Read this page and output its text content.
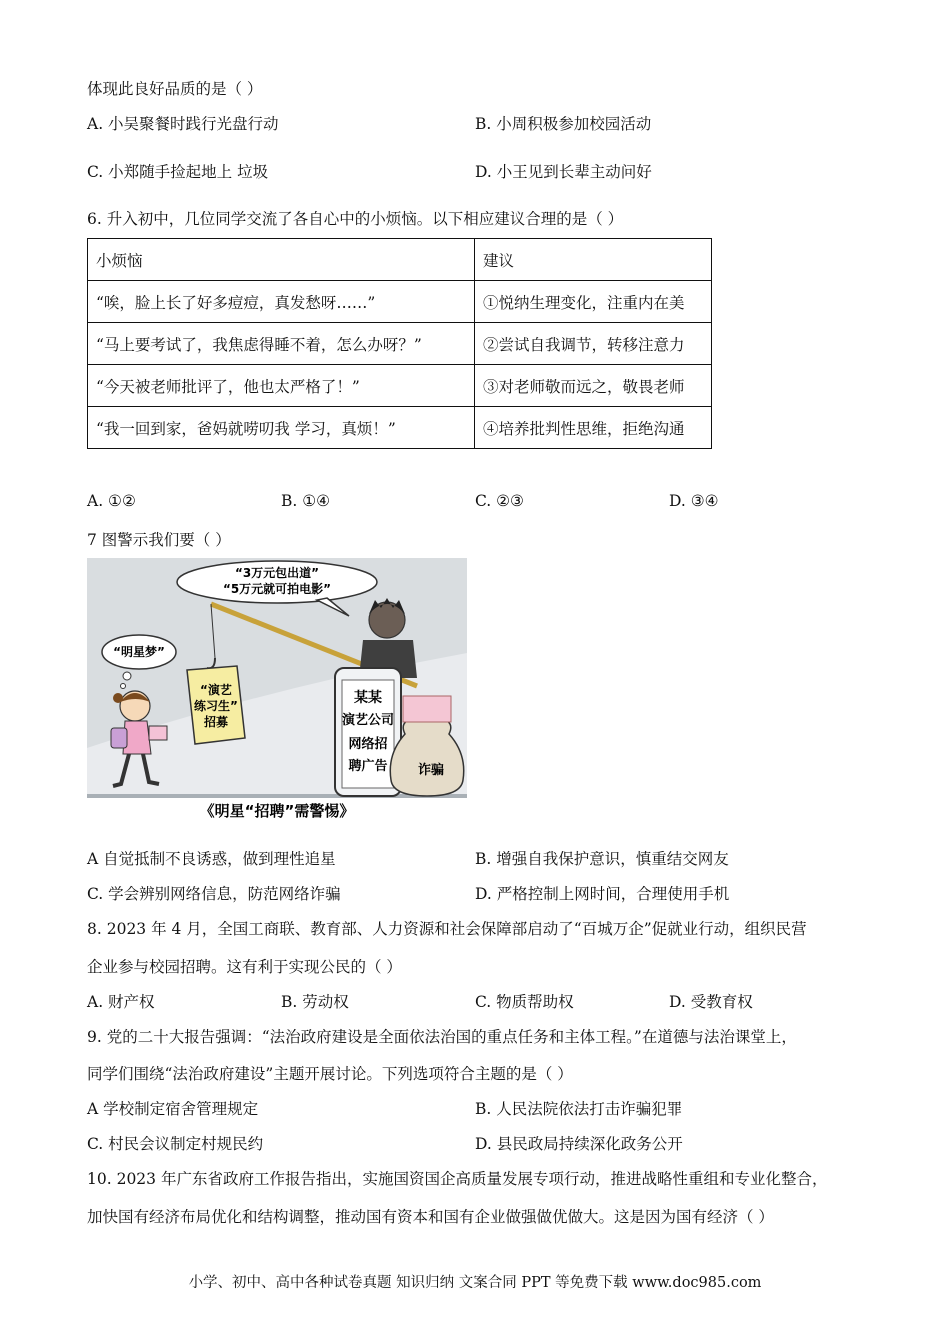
体现此良好品质的是（ ）
A. 小吴聚餐时践行光盘行动	B. 小周积极参加校园活动
C. 小郑随手捡起地上 垃圾	D. 小王见到长辈主动问好
6. 升入初中，几位同学交流了各自心中的小烦恼。以下相应建议合理的是（ ）
小烦恼	建议
“唉，脸上长了好多痘痘，真发愁呀……”	①悦纳生理变化，注重内在美
“马上要考试了，我焦虑得睡不着，怎么办呀？”	②尝试自我调节，转移注意力
“今天被老师批评了，他也太严格了！”	③对老师敬而远之，敬畏老师
“我一回到家，爸妈就唠叨我 学习，真烦！”	④培养批判性思维，拒绝沟通
A. ①②	B. ①④	C. ②③	D. ③④
7 图警示我们要（ ）
“3万元包出道”
“5万元就可拍电影”
“明星梦”
“演艺
练习生”
招募
某某
演艺公司
网络招
聘广告 诈骗
《明星“招聘”需警惕》
A 自觉抵制不良诱惑，做到理性追星	B. 增强自我保护意识，慎重结交网友
C. 学会辨别网络信息，防范网络诈骗	D. 严格控制上网时间，合理使用手机
8. 2023 年 4 月，全国工商联、教育部、人力资源和社会保障部启动了“百城万企”促就业行动，组织民营
企业参与校园招聘。这有利于实现公民的（ ）
A. 财产权	B. 劳动权	C. 物质帮助权	D. 受教育权
9. 党的二十大报告强调：“法治政府建设是全面依法治国的重点任务和主体工程。”在道德与法治课堂上，
同学们围绕“法治政府建设”主题开展讨论。下列选项符合主题的是（ ）
A 学校制定宿舍管理规定	B. 人民法院依法打击诈骗犯罪
C. 村民会议制定村规民约	D. 县民政局持续深化政务公开
10. 2023 年广东省政府工作报告指出，实施国资国企高质量发展专项行动，推进战略性重组和专业化整合，
加快国有经济布局优化和结构调整，推动国有资本和国有企业做强做优做大。这是因为国有经济（ ）
小学、初中、高中各种试卷真题 知识归纳 文案合同 PPT 等免费下载 www.doc985.com
